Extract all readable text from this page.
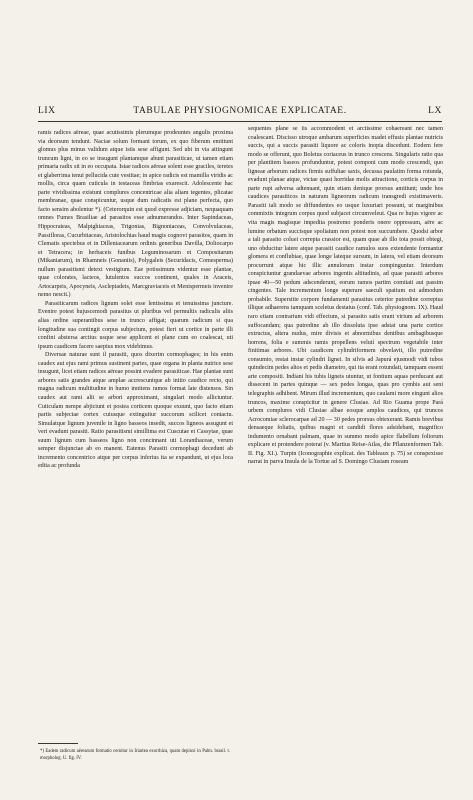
LIX	TABULAE PHYSIOGNOMICAE EXPLICATAE.	LX

ramis radices aëreae, quae acutissimis plerumque prodeuntes angulis proxima via deorsum tendunt. Naciae solum formant torum, ex quo fiberum emittunt glomus plus minus validum atque istis sese affigunt. Sed ubi in via attingunt truncum ligni, in eo se insugunt plantamque abunt parasiticae, ut tamen etiam primaria radix sit in eo occupata. Istae radices aëreae solent esse graciles, teretes et glaberrima tenui pellucida cute vestitae; in apice radicis est mamilla viridis ac mollis, circa quam cuticula in testaceas fimbrias exarescit. Adolescente hac parte vividissima existunt complures concentricae alia aliam tegentes, plicatae membranae, quae conspicuntur, usque dum radicatis est plane perfecta, quo facto sensim abolentur *). (Ceterorquin est quod expresse adjiciam, nequaquam omnes Fumes Brasiliae ad parasitos esse adnumerandos. Inter Sapindaceas, Hippocrateas, Malpighiaceas, Trigonias, Bignoniaceas, Convolvulaceas, Passifloras, Cucurbitaceas, Aristolochias haud magis cognovi parasitos, quam in Clematis speciebus et in Dilleniacearum ordinis generibus Davilla, Doliocarpo et Tetracera; in herbaceis funibus Leguminosarum et Compositarum (Mikaniarum), in Rhamneis (Gonaniis), Polygaleis (Securidacis, Comesperma) nullum parasitismi detexi vestigium. Eae potissimum videntur esse plantae, quae colorates, lacteos, lutulentos succos continent, quales in Araceis, Artocarpeis, Apocyneis, Asclepiadeis, Marcgraviaceis et Menispermeis invenire nemo nescit.)

Parasiticarum radices lignum solet esse lentissima et tenuissima juncture. Evenire potest hujuscemodi parasitus ut pluribus vel permultis radiculis aliis alias ordine superantibus sese in trunco affigat; quarum radicum si qua longitudine sua contingit corpus subjectum, potest fieri ut cortice in parte illi confini abstersa arctius usque sese applicent et plane cum eo coalescat, uti ipsum caudicem facere saepius mox videbimus.

Diversae naturae sunt il parasiti, quos dixerim cormophages; in his enim caudex aut ejus rami primus sustinent partes, quae organa in planta nutrice sese insugunt, licet etiam radices aëreae possint evadere parasiticae. Hae plantae sunt arbores satis grandes atque amplae accrescuntque ab initio caudice recto, qui magna radicum multitudine in humo innitens ramos format late distensos. Sin caudex aut rami alii se arbori approximant, singulari modo alliciuntur. Cuticulam nempe abjiciunt et postea corticem quoque exuunt, quo facto etiam partis subjectae cortex cuiusque extinguitur succorum scilicet contactu. Simulatque lignum juvenile in ligno basseos insedit, succos ligneos assugunt et veri evadunt parasiti. Ratio parasitismi simillima est Cuscutae et Cassytae, quae suum lignum cum basseos ligno non concinnant uti Loranthaceae, verum semper disjunctae ab eo manent. Eatenus Parasiti cormophagi decedunt ab incremento concentrico atque per corpus inferius ita se expandunt, ut ejus loca edita ac profunda

sequentes plane se iis accommodent et arctissime cohaereant nec tamen coalescant. Discisso utroque ambarum superficies madet effusis plantae nutricis succis, qui a succis parasiti liquore ac coloris inopia discedunt. Eodem fere modo se offerunt, quo Boletus coriaceus in trunco crescens. Singularis ratio qua per plantitem baseos profunduntur, potest componi cum modo crescendi, quo ligneae arborum radices firmis suffultae saxis, decussa paulatim forma rotunda, evadunt planae atque, victae quasi horridae molis attractione, corticis corpus in parte rupi adversa adtenuant, quin etiam denique prorsus amittunt; unde hos caudices parasiticos in naturam ligneorum radicum transgredi existimaveris. Parasiti tali modo se diffundentes eo usque luxuriari possunt, ut marginibus commixtis integrum corpus quod subjacet circumveleut. Qua re hujus vigore ac vita magis magisque impedita postremo ponderis onere oppressum, aëre ac lumine orbatum succisque spoliatum non potest non succumbere. Quodsi arbor a tali parasito coluei correpta crassior est, quam quae ab illo tota possit obtegi, uno obducitur latere atque parasiti caudice ramulos suos extendente formantur glomera et conflubiae, quae longe lateque sursum, in latera, vel etiam deorsum procurrunt atque hic illic annulorum instar compinguntur. Interdum conspiciuntur grandaevae arbores ingentis altitudinis, ad quae parasiti arbores ipsae 40—50 pedum adscenderunt, eorum ramos partim comitati aut passim cingentes. Tale incrementum longe superare saeculi spatium est admodum probabile. Superstite corpore fundamenti parasitus ceterior putredine correptus illique adhaerens tamquam sceletus destatus (conf. Tab. physiognom. IX). Haud raro etiam contrarium vidi effectum, si parasito satis erant virium ad arborem suffocandam; qua putredine ab illo dissoluta ipse adstat una parte cortice extructus, altera nudus, mire divisis et abnormibus dentibus ambagibusque horrens, folia e summis ramis propellens velutí spectrum vegetabile inter finitimas arbores. Ubi caudicem cylindriformem obvelavit, illo putredine consumto, restat instar cylindri lignei. In silvis ad Japurá ejusmodi vidi tubos quindecim pedes altos et pedis diametro, qui ita erant rotundati, tamquam essent arte compositi. Indiani his tubis ligneis utuntur, ut fontium aquas perducant aut dissecent in partes quinque — sex pedes longas, quas pro cymbis aut seni telegraphis adhibent. Mirum illud incrementum, quo caulami more eingunt alios truncos, maxime conspicitur in genere Clusiae. Ad Rio Guama prope Pará urbem complures vidi Clusiae albae eosque amplos caudices, qui truncos Acrocomiae sclerocarpae ad 20 — 30 pedes prorsus obtexerant. Ramis brevibus densaeque foliatis, quibus magni et candidi flores adsidebant, magnifico indumento ornabant palmam, quae in summo modo apice flabellum foliorum explicare et protendere poterat (v. Martius Reise-Atlas, die Pflanzenformen Tab. II. Fig. XI.). Turpin (Iconographie explicat. des Tableaux p. 75) se conspexisse narrat in parva Insula de la Tortue ad S. Domingo Clusiam roseam

*) Eadem radicum aërearum formatio cernitur in Iriartea exorrhiza, quam depinxi in Palm. brasil. t. morpholog. U. fig. IV.
